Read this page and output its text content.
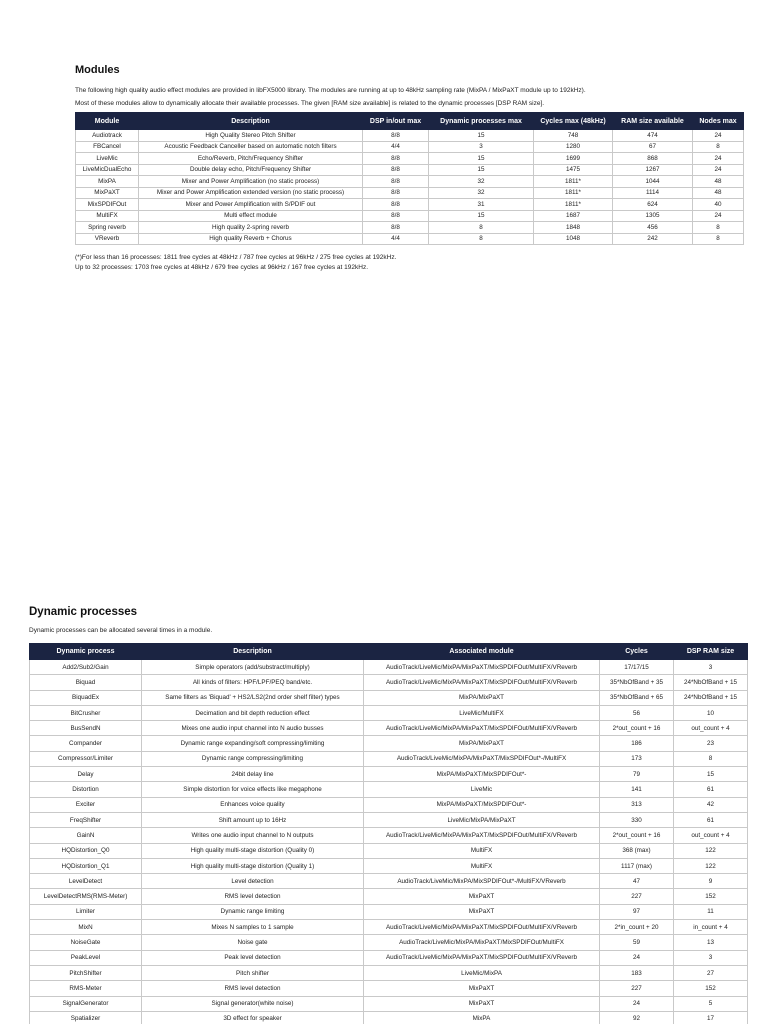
Modules

The following high quality audio effect modules are provided in libFX5000 library. The modules are running at up to 48kHz sampling rate (MixPA / MixPaXT module up to 192kHz).

Most of these modules allow to dynamically allocate their available processes. The given [RAM size available] is related to the dynamic processes [DSP RAM size].

Module	Description	DSP in/out max	Dynamic processes max	Cycles max (48kHz)	RAM size available	Nodes max
Audiotrack	High Quality Stereo Pitch Shifter	8/8	15	748	474	24
FBCancel	Acoustic Feedback Canceller based on automatic notch filters	4/4	3	1280	67	8
LiveMic	Echo/Reverb, Pitch/Frequency Shifter	8/8	15	1699	868	24
LiveMicDualEcho	Double delay echo, Pitch/Frequency Shifter	8/8	15	1475	1267	24
MixPA	Mixer and Power Amplification (no static process)	8/8	32	1811*	1044	48
MixPaXT	Mixer and Power Amplification extended version (no static process)	8/8	32	1811*	1114	48
MixSPDIFOut	Mixer and Power Amplification with S/PDIF out	8/8	31	1811*	624	40
MultiFX	Multi effect module	8/8	15	1687	1305	24
Spring reverb	High quality 2-spring reverb	8/8	8	1848	456	8
VReverb	High quality Reverb + Chorus	4/4	8	1048	242	8

(*)For less than 16 processes: 1811 free cycles at 48kHz / 787 free cycles at 96kHz / 275 free cycles at 192kHz.

Up to 32 processes: 1703 free cycles at 48kHz / 679 free cycles at 96kHz / 167 free cycles at 192kHz.

Dynamic processes

Dynamic processes can be allocated several times in a module.

Dynamic process	Description	Associated module	Cycles	DSP RAM size
Add2/Sub2/Gain	Simple operators (add/substract/multiply)	AudioTrack/LiveMic/MixPA/MixPaXT/MixSPDIFOut/MultiFX/VReverb	17/17/15	3
Biquad	All kinds of filters: HPF/LPF/PEQ band/etc.	AudioTrack/LiveMic/MixPA/MixPaXT/MixSPDIFOut/MultiFX/VReverb	35*NbOfBand + 35	24*NbOfBand + 15
BiquadEx	Same filters as 'Biquad' + HS2/LS2(2nd order shelf filter) types	MixPA/MixPaXT	35*NbOfBand + 65	24*NbOfBand + 15
BitCrusher	Decimation and bit depth reduction effect	LiveMic/MultiFX	56	10
BusSendN	Mixes one audio input channel into N audio busses	AudioTrack/LiveMic/MixPA/MixPaXT/MixSPDIFOut/MultiFX/VReverb	2*out_count + 16	out_count + 4
Compander	Dynamic range expanding/soft compressing/limiting	MixPA/MixPaXT	186	23
Compressor/Limiter	Dynamic range compressing/limiting	AudioTrack/LiveMic/MixPA/MixPaXT/MixSPDIFOut*-/MultiFX	173	8
Delay	24bit delay line	MixPA/MixPaXT/MixSPDIFOut*-	79	15
Distortion	Simple distortion for voice effects like megaphone	LiveMic	141	61
Exciter	Enhances voice quality	MixPA/MixPaXT/MixSPDIFOut*-	313	42
FreqShifter	Shift amount up to 16Hz	LiveMic/MixPA/MixPaXT	330	61
GainN	Writes one audio input channel to N outputs	AudioTrack/LiveMic/MixPA/MixPaXT/MixSPDIFOut/MultiFX/VReverb	2*out_count + 16	out_count + 4
HQDistortion_Q0	High quality multi-stage distortion (Quality 0)	MultiFX	368 (max)	122
HQDistortion_Q1	High quality multi-stage distortion (Quality 1)	MultiFX	1117 (max)	122
LevelDetect	Level detection	AudioTrack/LiveMic/MixPA/MixSPDIFOut*-/MultiFX/VReverb	47	9
LevelDetectRMS(RMS-Meter)	RMS level detection	MixPaXT	227	152
Limiter	Dynamic range limiting	MixPaXT	97	11
MixN	Mixes N samples to 1 sample	AudioTrack/LiveMic/MixPA/MixPaXT/MixSPDIFOut/MultiFX/VReverb	2*in_count + 20	in_count + 4
NoiseGate	Noise gate	AudioTrack/LiveMic/MixPA/MixPaXT/MixSPDIFOut/MultiFX	59	13
PeakLevel	Peak level detection	AudioTrack/LiveMic/MixPA/MixPaXT/MixSPDIFOut/MultiFX/VReverb	24	3
PitchShifter	Pitch shifter	LiveMic/MixPA	183	27
RMS-Meter	RMS level detection	MixPaXT	227	152
SignalGenerator	Signal generator(white noise)	MixPaXT	24	5
Spatializer	3D effect for speaker	MixPA	92	17
